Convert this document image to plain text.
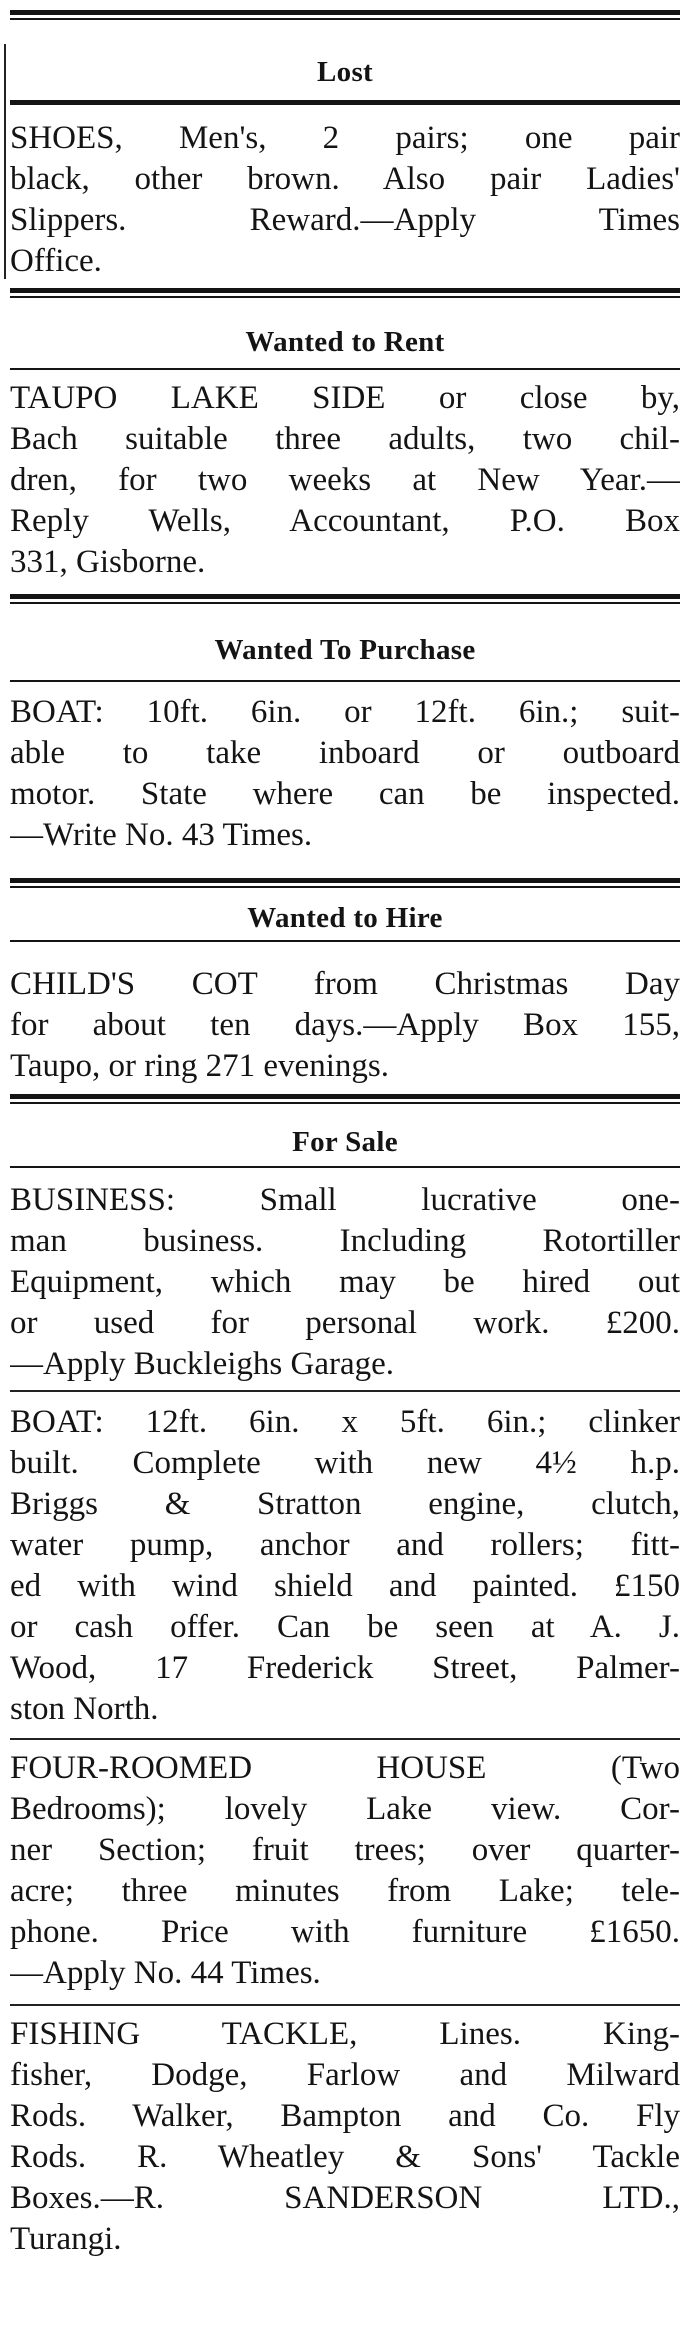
Lost
SHOES, Men's, 2 pairs; one pair
black, other brown. Also pair Ladies'
Slippers. Reward.—Apply Times
Office.
Wanted to Rent
TAUPO LAKE SIDE or close by,
Bach suitable three adults, two chil-
dren, for two weeks at New Year.—
Reply Wells, Accountant, P.O. Box
331, Gisborne.
Wanted To Purchase
BOAT: 10ft. 6in. or 12ft. 6in.; suit-
able to take inboard or outboard
motor. State where can be inspected.
—Write No. 43 Times.
Wanted to Hire
CHILD'S COT from Christmas Day
for about ten days.—Apply Box 155,
Taupo, or ring 271 evenings.
For Sale
BUSINESS: Small lucrative one-
man business. Including Rotortiller
Equipment, which may be hired out
or used for personal work. £200.
—Apply Buckleighs Garage.
BOAT: 12ft. 6in. x 5ft. 6in.; clinker
built. Complete with new 4½ h.p.
Briggs & Stratton engine, clutch,
water pump, anchor and rollers; fitt-
ed with wind shield and painted. £150
or cash offer. Can be seen at A. J.
Wood, 17 Frederick Street, Palmer-
ston North.
FOUR-ROOMED HOUSE (Two
Bedrooms); lovely Lake view. Cor-
ner Section; fruit trees; over quarter-
acre; three minutes from Lake; tele-
phone. Price with furniture £1650.
—Apply No. 44 Times.
FISHING TACKLE, Lines. King-
fisher, Dodge, Farlow and Milward
Rods. Walker, Bampton and Co. Fly
Rods. R. Wheatley & Sons' Tackle
Boxes.—R. SANDERSON LTD.,
Turangi.
